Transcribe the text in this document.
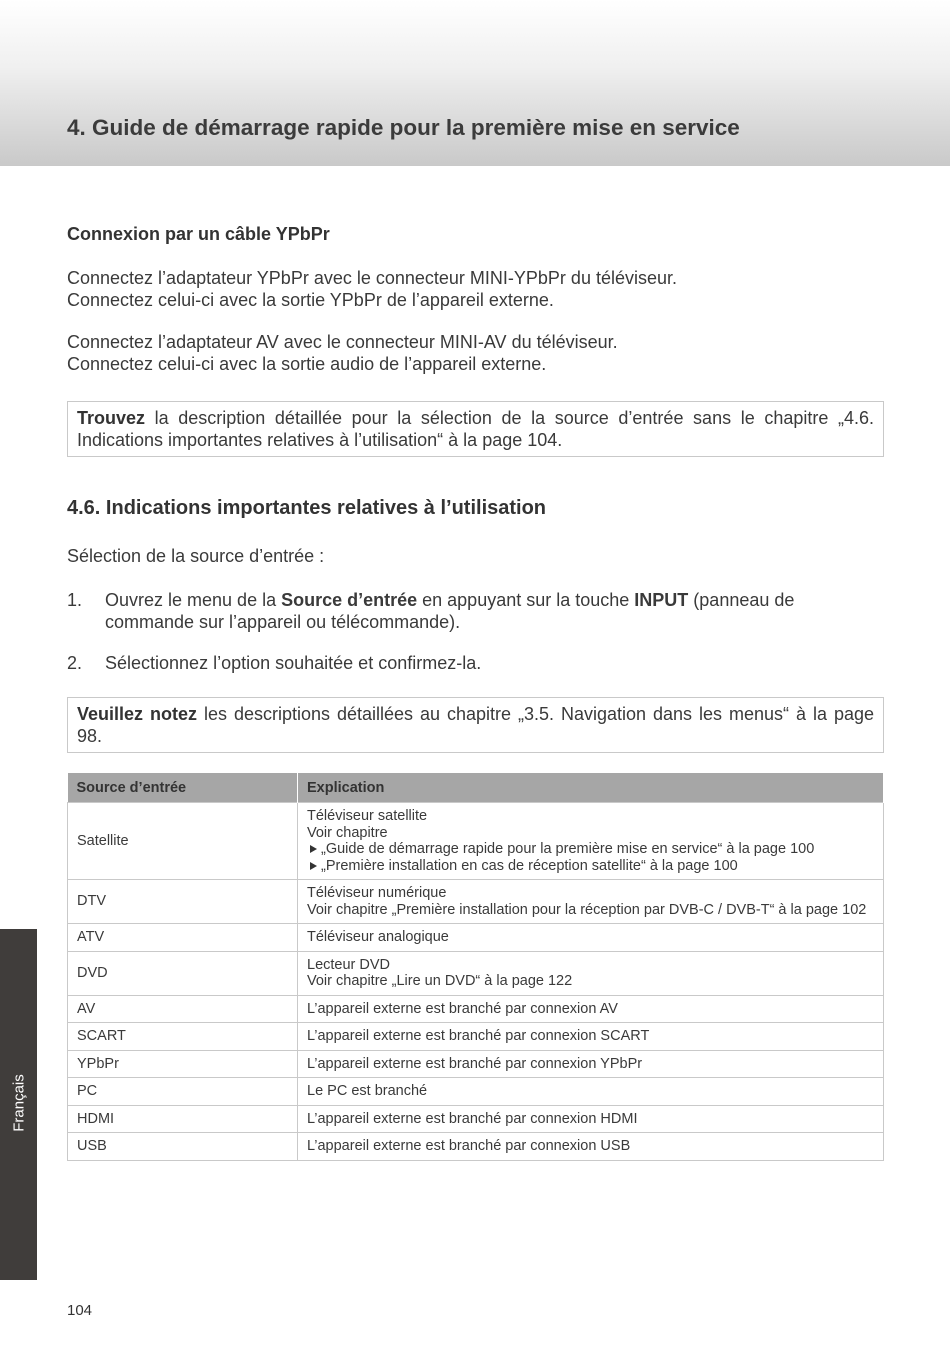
4. Guide de démarrage rapide pour la première mise en service
Connexion par un câble YPbPr

Connectez l’adaptateur YPbPr avec le connecteur MINI-YPbPr du téléviseur.
Connectez celui-ci avec la sortie YPbPr de l’appareil externe.

Connectez l’adaptateur AV avec le connecteur MINI-AV du téléviseur.
Connectez celui-ci avec la sortie audio de l’appareil externe.

Trouvez la description détaillée pour la sélection de la source d’entrée sans le chapitre „4.6. Indications importantes relatives à l’utilisation“ à la page 104.
4.6. Indications importantes relatives à l’utilisation

Sélection de la source d’entrée :

1. Ouvrez le menu de la Source d’entrée en appuyant sur la touche INPUT (panneau de commande sur l’appareil ou télécommande).
2. Sélectionnez l’option souhaitée et confirmez-la.
Veuillez notez les descriptions détaillées au chapitre „3.5. Navigation dans les menus“ à la page 98.
Source d’entrée	Explication
Satellite	Téléviseur satellite
Voir chapitre
„Guide de démarrage rapide pour la première mise en service“ à la page 100
„Première installation en cas de réception satellite“ à la page 100

DTV	Téléviseur numérique
Voir chapitre „Première installation pour la réception par DVB-C / DVB-T“ à la page 102

ATV	Téléviseur analogique
DVD	Lecteur DVD
Voir chapitre „Lire un DVD“ à la page 122

AV	L’appareil externe est branché par connexion AV
SCART	L’appareil externe est branché par connexion SCART
YPbPr	L’appareil externe est branché par connexion YPbPr
PC	Le PC est branché
HDMI	L’appareil externe est branché par connexion HDMI
USB	L’appareil externe est branché par connexion USB
Français
104
